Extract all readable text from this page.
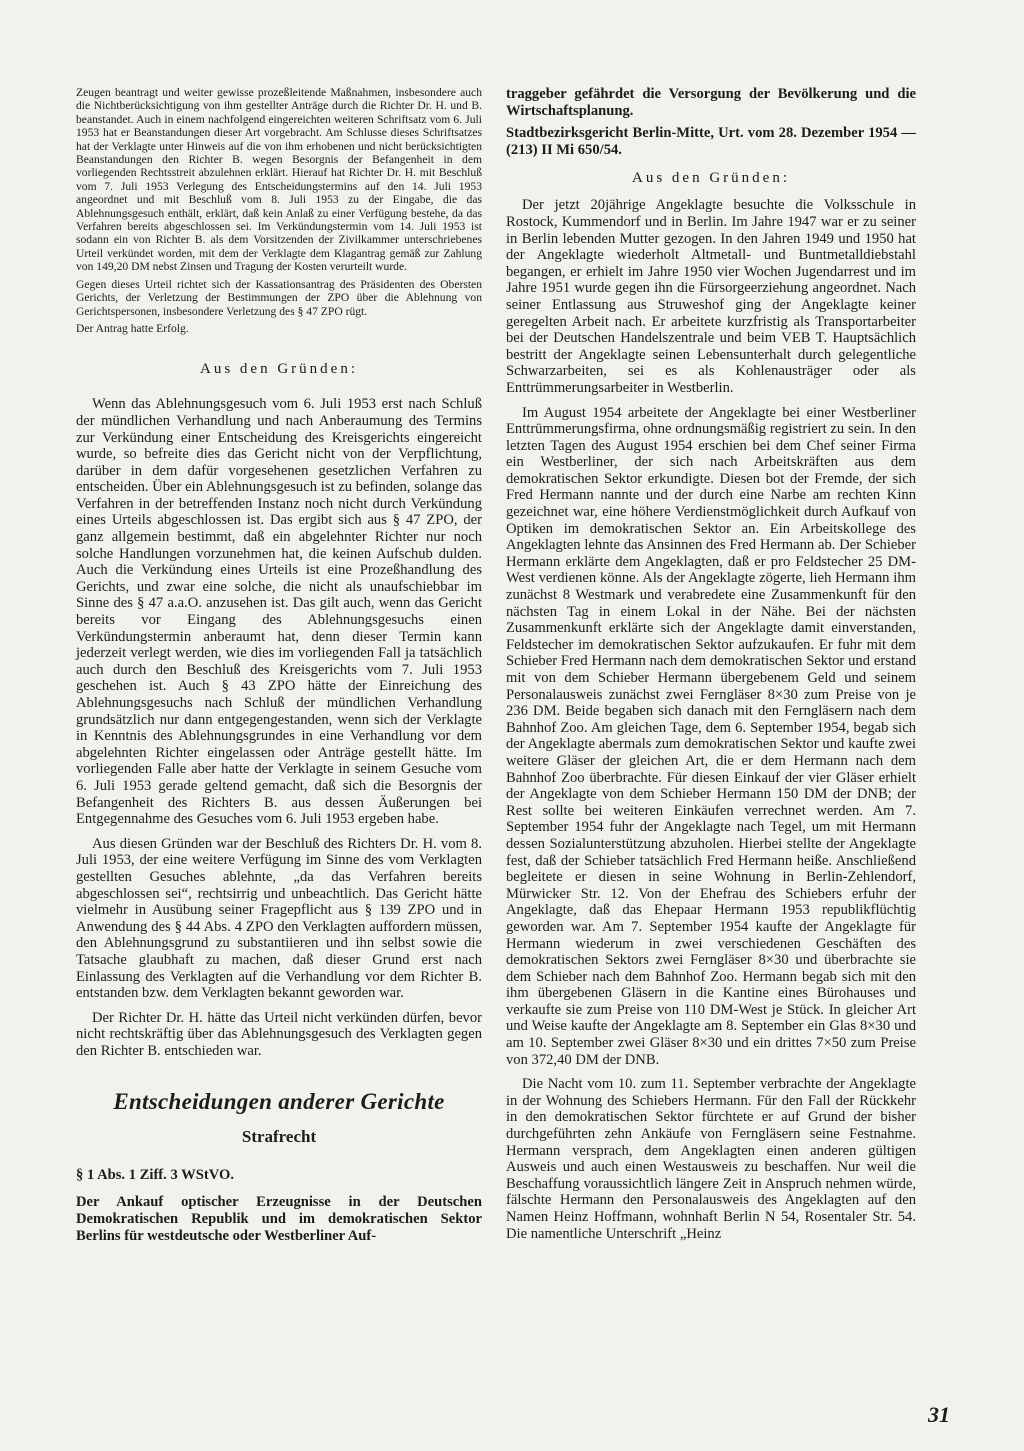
Zeugen beantragt und weiter gewisse prozeßleitende Maßnahmen, insbesondere auch die Nichtberücksichtigung von ihm gestellter Anträge durch die Richter Dr. H. und B. beanstandet. Auch in einem nachfolgend eingereichten weiteren Schriftsatz vom 6. Juli 1953 hat er Beanstandungen dieser Art vorgebracht. Am Schlusse dieses Schriftsatzes hat der Verklagte unter Hinweis auf die von ihm erhobenen und nicht berücksichtigten Beanstandungen den Richter B. wegen Besorgnis der Befangenheit in dem vorliegenden Rechtsstreit abzulehnen erklärt. Hierauf hat Richter Dr. H. mit Beschluß vom 7. Juli 1953 Verlegung des Entscheidungstermins auf den 14. Juli 1953 angeordnet und mit Beschluß vom 8. Juli 1953 zu der Eingabe, die das Ablehnungsgesuch enthält, erklärt, daß kein Anlaß zu einer Verfügung bestehe, da das Verfahren bereits abgeschlossen sei. Im Verkündungstermin vom 14. Juli 1953 ist sodann ein von Richter B. als dem Vorsitzenden der Zivilkammer unterschriebenes Urteil verkündet worden, mit dem der Verklagte dem Klagantrag gemäß zur Zahlung von 149,20 DM nebst Zinsen und Tragung der Kosten verurteilt wurde.

Gegen dieses Urteil richtet sich der Kassationsantrag des Präsidenten des Obersten Gerichts, der Verletzung der Bestimmungen der ZPO über die Ablehnung von Gerichtspersonen, insbesondere Verletzung des § 47 ZPO rügt.

Der Antrag hatte Erfolg.

Aus den Gründen:

Wenn das Ablehnungsgesuch vom 6. Juli 1953 erst nach Schluß der mündlichen Verhandlung und nach Anberaumung des Termins zur Verkündung einer Entscheidung des Kreisgerichts eingereicht wurde, so befreite dies das Gericht nicht von der Verpflichtung, darüber in dem dafür vorgesehenen gesetzlichen Verfahren zu entscheiden. Über ein Ablehnungsgesuch ist zu befinden, solange das Verfahren in der betreffenden Instanz noch nicht durch Verkündung eines Urteils abgeschlossen ist. Das ergibt sich aus § 47 ZPO, der ganz allgemein bestimmt, daß ein abgelehnter Richter nur noch solche Handlungen vorzunehmen hat, die keinen Aufschub dulden. Auch die Verkündung eines Urteils ist eine Prozeßhandlung des Gerichts, und zwar eine solche, die nicht als unaufschiebbar im Sinne des § 47 a.a.O. anzusehen ist. Das gilt auch, wenn das Gericht bereits vor Eingang des Ablehnungsgesuchs einen Verkündungstermin anberaumt hat, denn dieser Termin kann jederzeit verlegt werden, wie dies im vorliegenden Fall ja tatsächlich auch durch den Beschluß des Kreisgerichts vom 7. Juli 1953 geschehen ist. Auch § 43 ZPO hätte der Einreichung des Ablehnungsgesuchs nach Schluß der mündlichen Verhandlung grundsätzlich nur dann entgegengestanden, wenn sich der Verklagte in Kenntnis des Ablehnungsgrundes in eine Verhandlung vor dem abgelehnten Richter eingelassen oder Anträge gestellt hätte. Im vorliegenden Falle aber hatte der Verklagte in seinem Gesuche vom 6. Juli 1953 gerade geltend gemacht, daß sich die Besorgnis der Befangenheit des Richters B. aus dessen Äußerungen bei Entgegennahme des Gesuches vom 6. Juli 1953 ergeben habe.

Aus diesen Gründen war der Beschluß des Richters Dr. H. vom 8. Juli 1953, der eine weitere Verfügung im Sinne des vom Verklagten gestellten Gesuches ablehnte, „da das Verfahren bereits abgeschlossen sei“, rechtsirrig und unbeachtlich. Das Gericht hätte vielmehr in Ausübung seiner Fragepflicht aus § 139 ZPO und in Anwendung des § 44 Abs. 4 ZPO den Verklagten auffordern müssen, den Ablehnungsgrund zu substantiieren und ihn selbst sowie die Tatsache glaubhaft zu machen, daß dieser Grund erst nach Einlassung des Verklagten auf die Verhandlung vor dem Richter B. entstanden bzw. dem Verklagten bekannt geworden war.

Der Richter Dr. H. hätte das Urteil nicht verkünden dürfen, bevor nicht rechtskräftig über das Ablehnungsgesuch des Verklagten gegen den Richter B. entschieden war.

Entscheidungen anderer Gerichte
Strafrecht
§ 1 Abs. 1 Ziff. 3 WStVO.

Der Ankauf optischer Erzeugnisse in der Deutschen Demokratischen Republik und im demokratischen Sektor Berlins für westdeutsche oder Westberliner Auf-

traggeber gefährdet die Versorgung der Bevölkerung und die Wirtschaftsplanung.

Stadtbezirksgericht Berlin-Mitte, Urt. vom 28. Dezember 1954 — (213) II Mi 650/54.

Aus den Gründen:

Der jetzt 20jährige Angeklagte besuchte die Volksschule in Rostock, Kummendorf und in Berlin. Im Jahre 1947 war er zu seiner in Berlin lebenden Mutter gezogen. In den Jahren 1949 und 1950 hat der Angeklagte wiederholt Altmetall- und Buntmetalldiebstahl begangen, er erhielt im Jahre 1950 vier Wochen Jugendarrest und im Jahre 1951 wurde gegen ihn die Fürsorgeerziehung angeordnet. Nach seiner Entlassung aus Struweshof ging der Angeklagte keiner geregelten Arbeit nach. Er arbeitete kurzfristig als Transportarbeiter bei der Deutschen Handelszentrale und beim VEB T. Hauptsächlich bestritt der Angeklagte seinen Lebensunterhalt durch gelegentliche Schwarzarbeiten, sei es als Kohlenausträger oder als Enttrümmerungsarbeiter in Westberlin.

Im August 1954 arbeitete der Angeklagte bei einer Westberliner Enttrümmerungsfirma, ohne ordnungsmäßig registriert zu sein. In den letzten Tagen des August 1954 erschien bei dem Chef seiner Firma ein Westberliner, der sich nach Arbeitskräften aus dem demokratischen Sektor erkundigte. Diesen bot der Fremde, der sich Fred Hermann nannte und der durch eine Narbe am rechten Kinn gezeichnet war, eine höhere Verdienstmöglichkeit durch Aufkauf von Optiken im demokratischen Sektor an. Ein Arbeitskollege des Angeklagten lehnte das Ansinnen des Fred Hermann ab. Der Schieber Hermann erklärte dem Angeklagten, daß er pro Feldstecher 25 DM-West verdienen könne. Als der Angeklagte zögerte, lieh Hermann ihm zunächst 8 Westmark und verabredete eine Zusammenkunft für den nächsten Tag in einem Lokal in der Nähe. Bei der nächsten Zusammenkunft erklärte sich der Angeklagte damit einverstanden, Feldstecher im demokratischen Sektor aufzukaufen. Er fuhr mit dem Schieber Fred Hermann nach dem demokratischen Sektor und erstand mit von dem Schieber Hermann übergebenem Geld und seinem Personalausweis zunächst zwei Ferngläser 8×30 zum Preise von je 236 DM. Beide begaben sich danach mit den Ferngläsern nach dem Bahnhof Zoo. Am gleichen Tage, dem 6. September 1954, begab sich der Angeklagte abermals zum demokratischen Sektor und kaufte zwei weitere Gläser der gleichen Art, die er dem Hermann nach dem Bahnhof Zoo überbrachte. Für diesen Einkauf der vier Gläser erhielt der Angeklagte von dem Schieber Hermann 150 DM der DNB; der Rest sollte bei weiteren Einkäufen verrechnet werden. Am 7. September 1954 fuhr der Angeklagte nach Tegel, um mit Hermann dessen Sozialunterstützung abzuholen. Hierbei stellte der Angeklagte fest, daß der Schieber tatsächlich Fred Hermann heiße. Anschließend begleitete er diesen in seine Wohnung in Berlin-Zehlendorf, Mürwicker Str. 12. Von der Ehefrau des Schiebers erfuhr der Angeklagte, daß das Ehepaar Hermann 1953 republikflüchtig geworden war. Am 7. September 1954 kaufte der Angeklagte für Hermann wiederum in zwei verschiedenen Geschäften des demokratischen Sektors zwei Ferngläser 8×30 und überbrachte sie dem Schieber nach dem Bahnhof Zoo. Hermann begab sich mit den ihm übergebenen Gläsern in die Kantine eines Bürohauses und verkaufte sie zum Preise von 110 DM-West je Stück. In gleicher Art und Weise kaufte der Angeklagte am 8. September ein Glas 8×30 und am 10. September zwei Gläser 8×30 und ein drittes 7×50 zum Preise von 372,40 DM der DNB.

Die Nacht vom 10. zum 11. September verbrachte der Angeklagte in der Wohnung des Schiebers Hermann. Für den Fall der Rückkehr in den demokratischen Sektor fürchtete er auf Grund der bisher durchgeführten zehn Ankäufe von Ferngläsern seine Festnahme. Hermann versprach, dem Angeklagten einen anderen gültigen Ausweis und auch einen Westausweis zu beschaffen. Nur weil die Beschaffung voraussichtlich längere Zeit in Anspruch nehmen würde, fälschte Hermann den Personalausweis des Angeklagten auf den Namen Heinz Hoffmann, wohnhaft Berlin N 54, Rosentaler Str. 54. Die namentliche Unterschrift „Heinz

31
